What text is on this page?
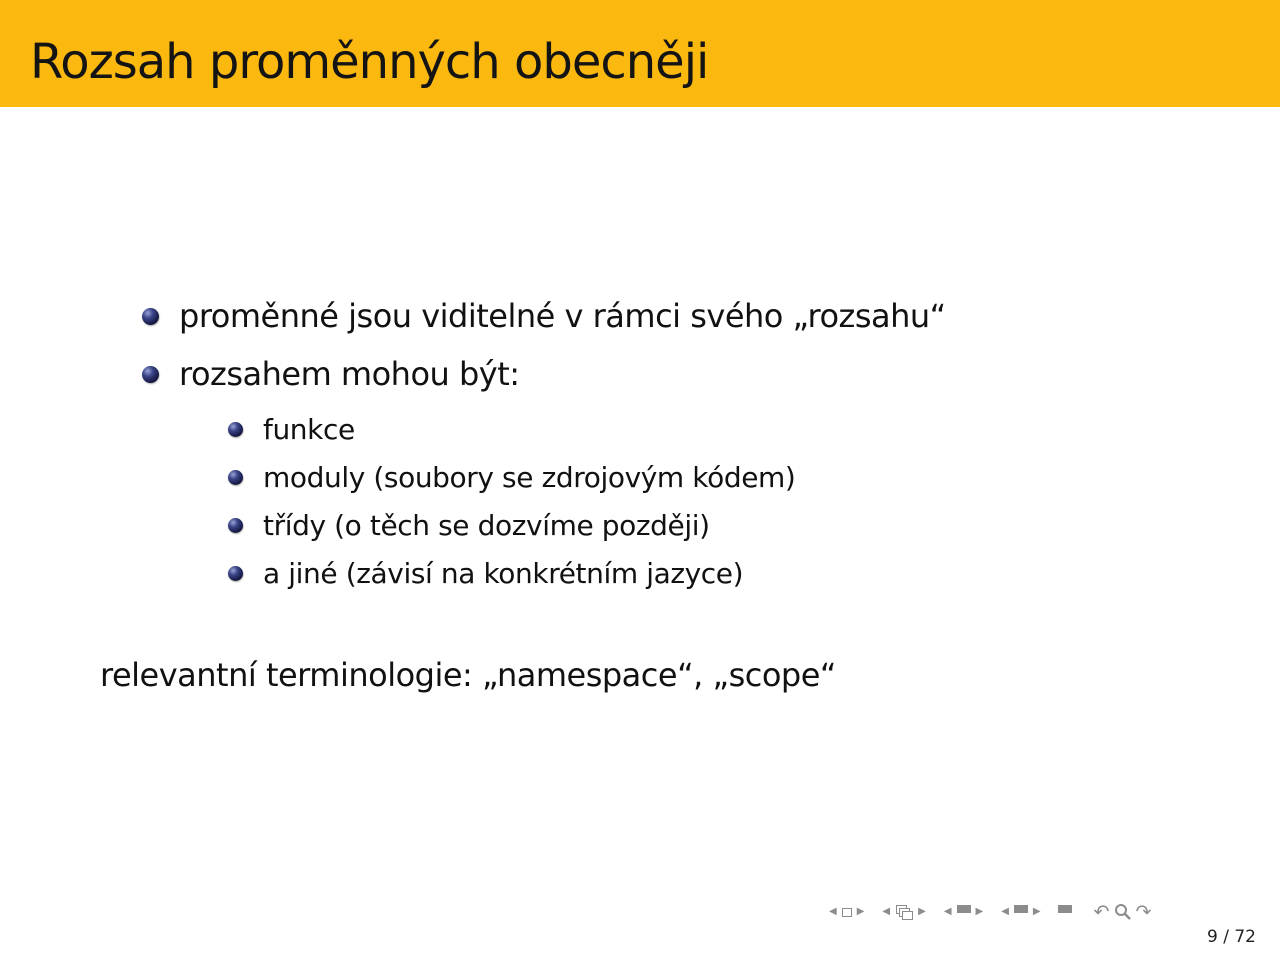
Rozsah proměnných obecněji
proměnné jsou viditelné v rámci svého „rozsahu“
rozsahem mohou být:
funkce
moduly (soubory se zdrojovým kódem)
třídy (o těch se dozvíme později)
a jiné (závisí na konkrétním jazyce)
relevantní terminologie: „namespace“, „scope“
◀ ▶ ◀	▶ ◀ ▶ ◀ ▶	↶ ↷
9 / 72
